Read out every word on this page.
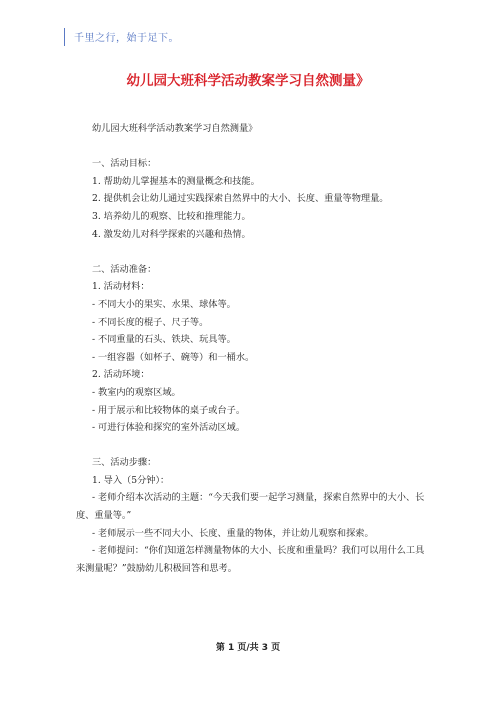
千里之行，始于足下。
幼儿园大班科学活动教案学习自然测量》

幼儿园大班科学活动教案学习自然测量》

一、活动目标：

1. 帮助幼儿掌握基本的测量概念和技能。

2. 提供机会让幼儿通过实践探索自然界中的大小、长度、重量等物理量。

3. 培养幼儿的观察、比较和推理能力。

4. 激发幼儿对科学探索的兴趣和热情。

二、活动准备：

1. 活动材料：

- 不同大小的果实、水果、球体等。

- 不同长度的棍子、尺子等。

- 不同重量的石头、铁块、玩具等。

- 一组容器（如杯子、碗等）和一桶水。

2. 活动环境：

- 教室内的观察区域。

- 用于展示和比较物体的桌子或台子。

- 可进行体验和探究的室外活动区域。

三、活动步骤：

1. 导入（5分钟）：

- 老师介绍本次活动的主题：“今天我们要一起学习测量，探索自然界中的大小、长度、重量等。”

- 老师展示一些不同大小、长度、重量的物体，并让幼儿观察和探索。

- 老师提问：“你们知道怎样测量物体的大小、长度和重量吗？我们可以用什么工具来测量呢？”鼓励幼儿积极回答和思考。

第 1 页/共 3 页
